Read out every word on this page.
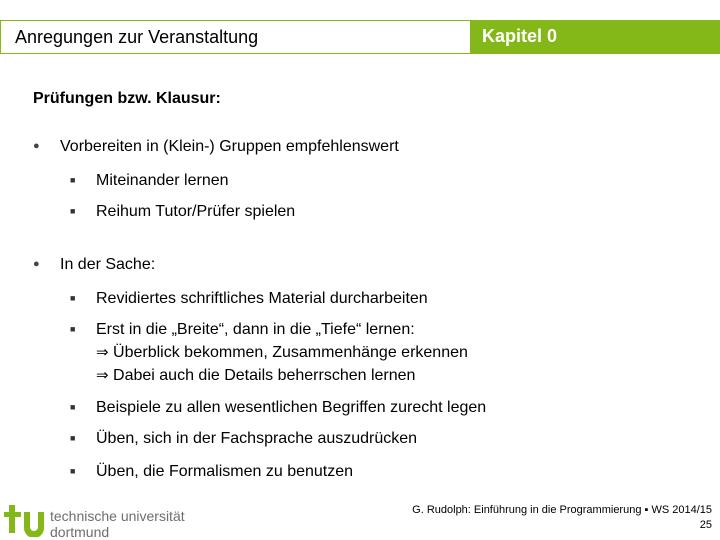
Anregungen zur Veranstaltung	Kapitel 0
Prüfungen bzw. Klausur:
● Vorbereiten in (Klein-) Gruppen empfehlenswert
■ Miteinander lernen
■ Reihum Tutor/Prüfer spielen
● In der Sache:
■ Revidiertes schriftliches Material durcharbeiten
■ Erst in die „Breite“, dann in die „Tiefe“ lernen:
⇒ Überblick bekommen, Zusammenhänge erkennen
⇒ Dabei auch die Details beherrschen lernen
■ Beispiele zu allen wesentlichen Begriffen zurecht legen
■ Üben, sich in der Fachsprache auszudrücken
■ Üben, die Formalismen zu benutzen
technische universität
dortmund
G. Rudolph: Einführung in die Programmierung ▪ WS 2014/15
25
